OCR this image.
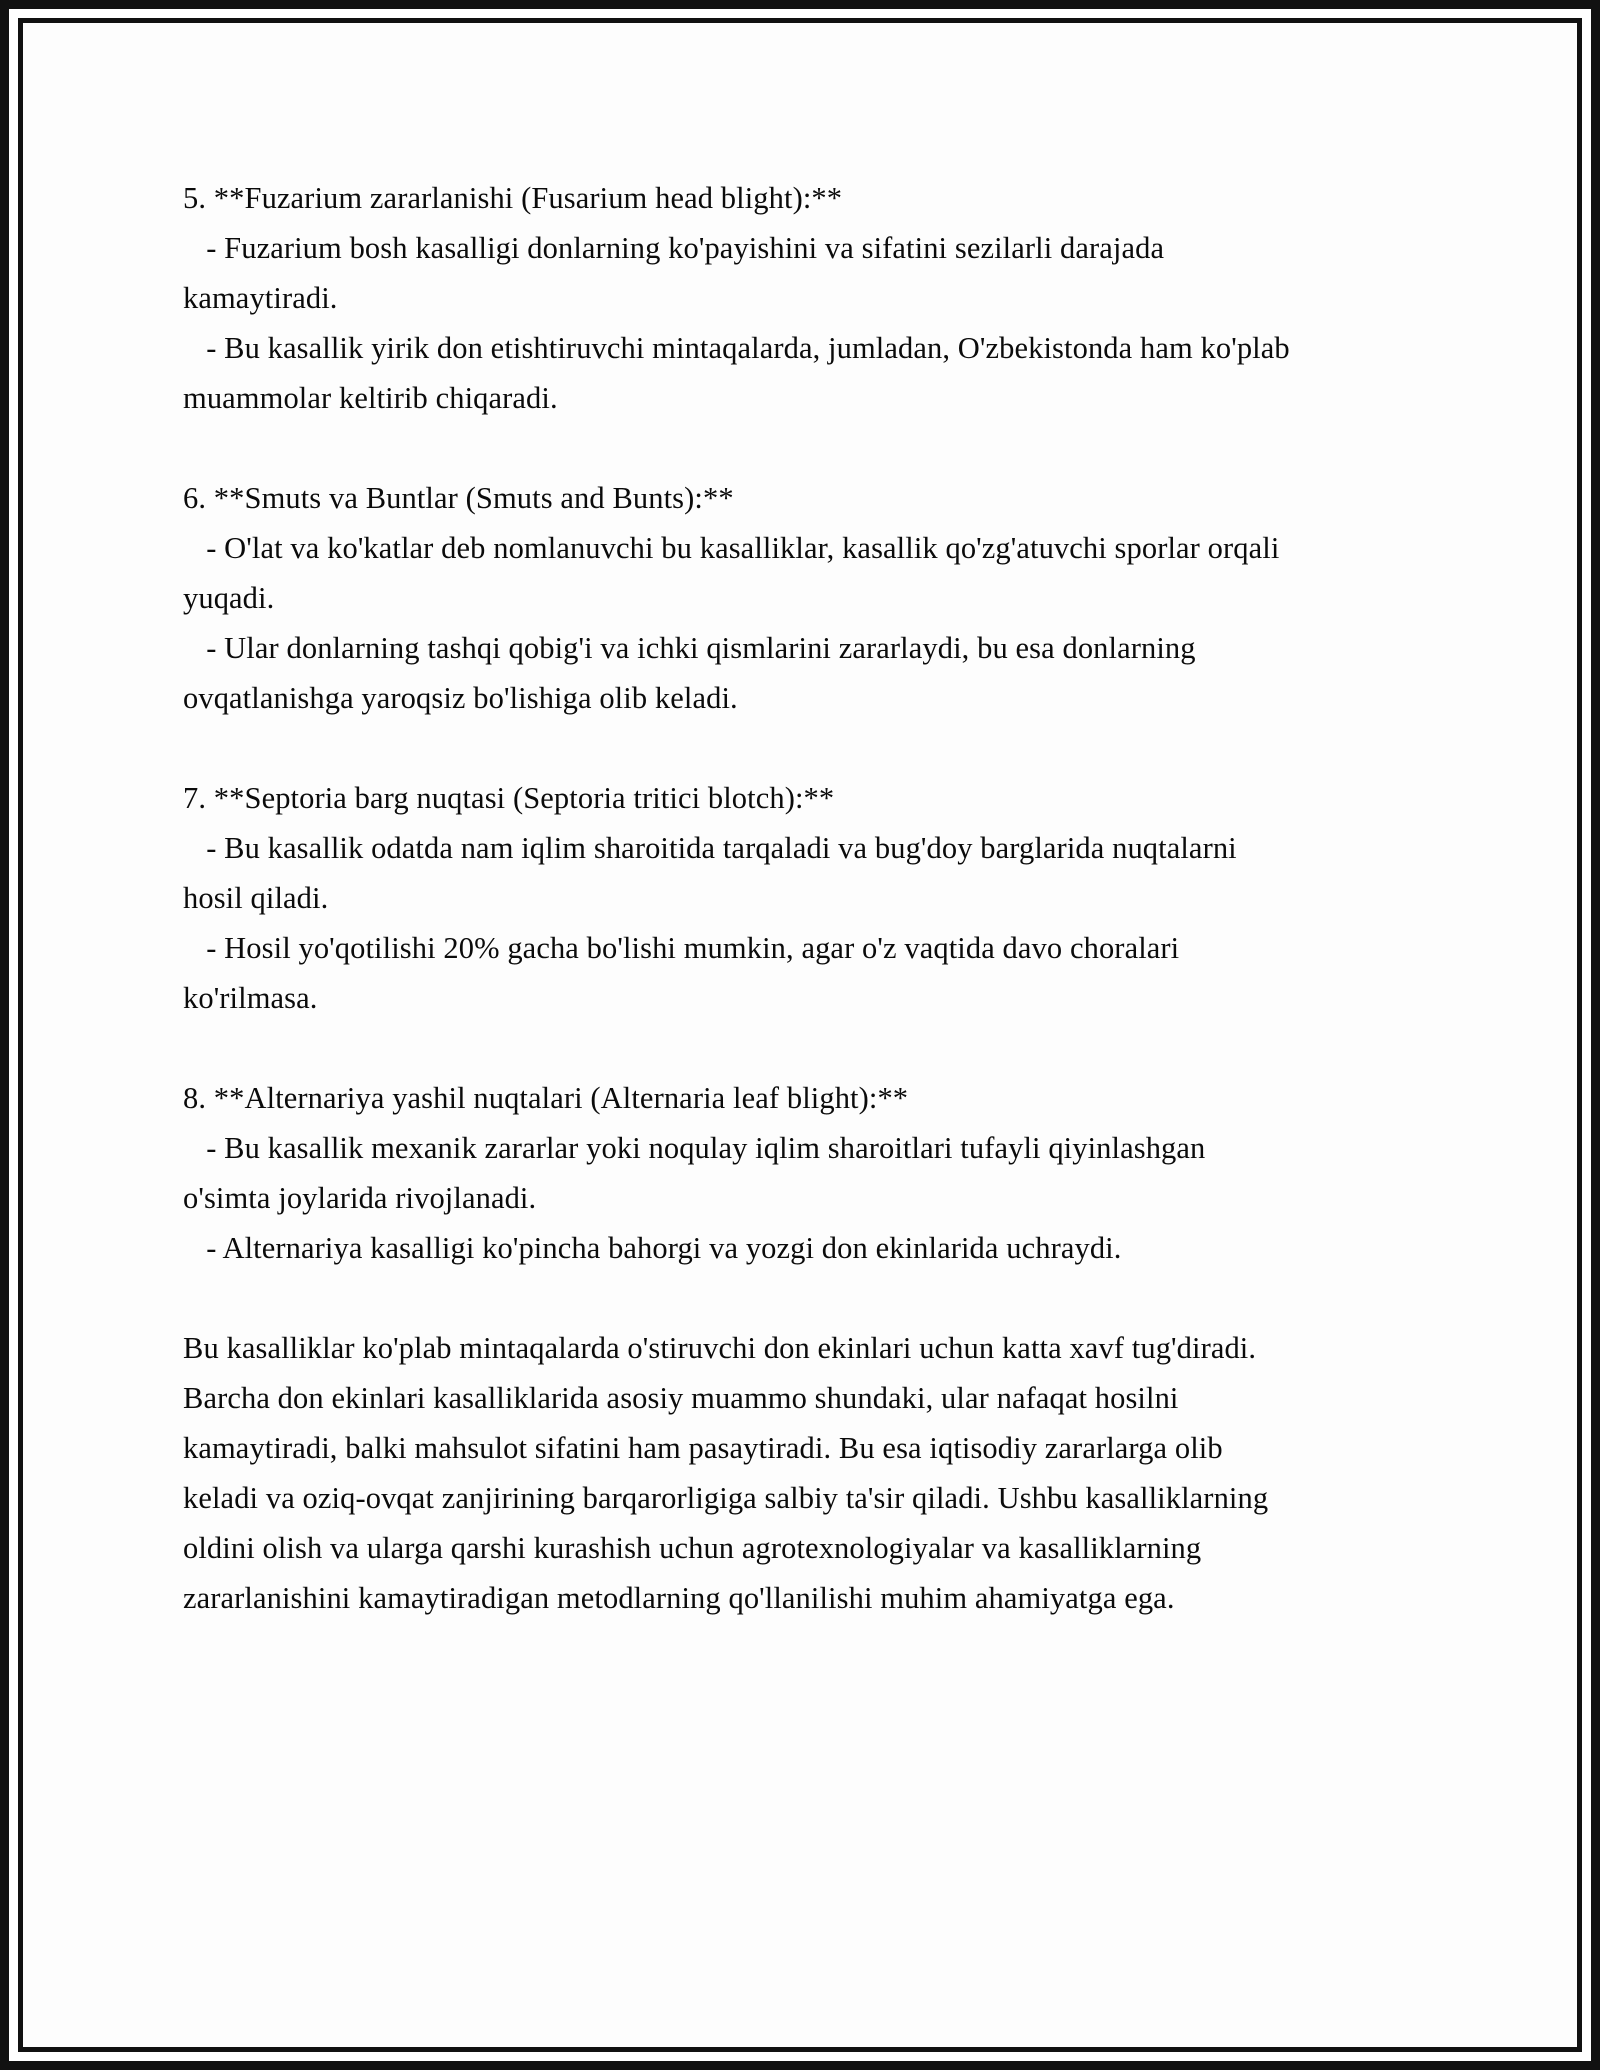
5. **Fuzarium zararlanishi (Fusarium head blight):**

- Fuzarium bosh kasalligi donlarning ko'payishini va sifatini sezilarli darajada kamaytiradi.

- Bu kasallik yirik don etishtiruvchi mintaqalarda, jumladan, O'zbekistonda ham ko'plab muammolar keltirib chiqaradi.

6. **Smuts va Buntlar (Smuts and Bunts):**

- O'lat va ko'katlar deb nomlanuvchi bu kasalliklar, kasallik qo'zg'atuvchi sporlar orqali yuqadi.

- Ular donlarning tashqi qobig'i va ichki qismlarini zararlaydi, bu esa donlarning ovqatlanishga yaroqsiz bo'lishiga olib keladi.

7. **Septoria barg nuqtasi (Septoria tritici blotch):**

- Bu kasallik odatda nam iqlim sharoitida tarqaladi va bug'doy barglarida nuqtalarni hosil qiladi.

- Hosil yo'qotilishi 20% gacha bo'lishi mumkin, agar o'z vaqtida davo choralari ko'rilmasa.

8. **Alternariya yashil nuqtalari (Alternaria leaf blight):**

- Bu kasallik mexanik zararlar yoki noqulay iqlim sharoitlari tufayli qiyinlashgan o'simta joylarida rivojlanadi.

- Alternariya kasalligi ko'pincha bahorgi va yozgi don ekinlarida uchraydi.

Bu kasalliklar ko'plab mintaqalarda o'stiruvchi don ekinlari uchun katta xavf tug'diradi. Barcha don ekinlari kasalliklarida asosiy muammo shundaki, ular nafaqat hosilni kamaytiradi, balki mahsulot sifatini ham pasaytiradi. Bu esa iqtisodiy zararlarga olib keladi va oziq-ovqat zanjirining barqarorligiga salbiy ta'sir qiladi. Ushbu kasalliklarning oldini olish va ularga qarshi kurashish uchun agrotexnologiyalar va kasalliklarning zararlanishini kamaytiradigan metodlarning qo'llanilishi muhim ahamiyatga ega.
